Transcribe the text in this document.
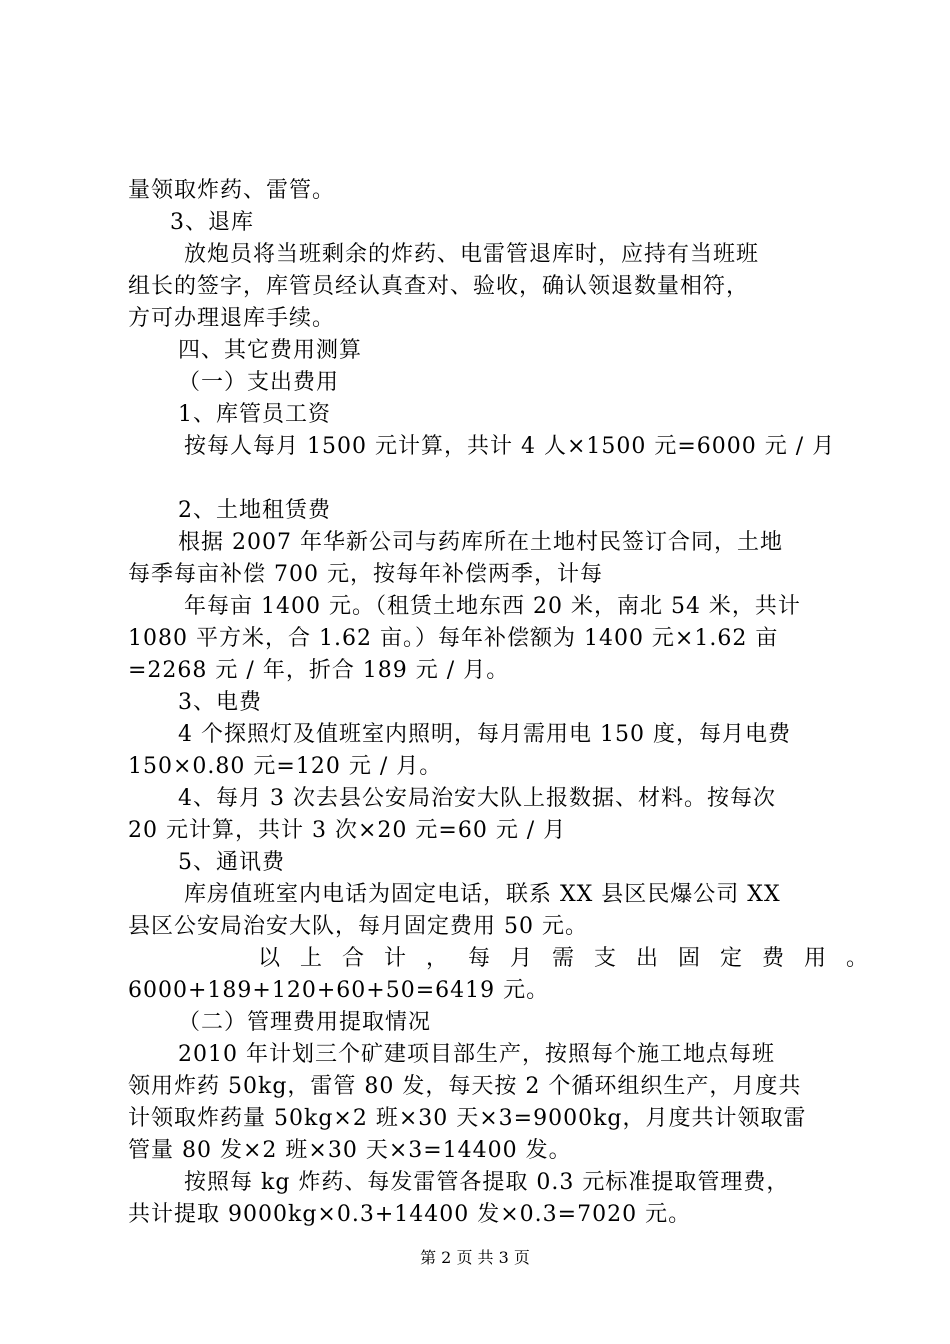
量领取炸药、雷管。
3、退库
放炮员将当班剩余的炸药、电雷管退库时，应持有当班班
组长的签字，库管员经认真查对、验收，确认领退数量相符，
方可办理退库手续。
四、其它费用测算
（一）支出费用
1、库管员工资
按每人每月 1500 元计算，共计 4 人×1500 元=6000 元 / 月
2、土地租赁费
根据 2007 年华新公司与药库所在土地村民签订合同，土地
每季每亩补偿 700 元，按每年补偿两季，计每
年每亩 1400 元。（租赁土地东西 20 米，南北 54 米，共计
1080 平方米，合 1.62 亩。）每年补偿额为 1400 元×1.62 亩
=2268 元 / 年，折合 189 元 / 月。
3、电费
4 个探照灯及值班室内照明，每月需用电 150 度，每月电费
150×0.80 元=120 元 / 月。
4、每月 3 次去县公安局治安大队上报数据、材料。按每次
20 元计算，共计 3 次×20 元=60 元 / 月
5、通讯费
库房值班室内电话为固定电话，联系 XX 县区民爆公司 XX
县区公安局治安大队，每月固定费用 50 元。
以上合计，每月需支出固定费用。
6000+189+120+60+50=6419 元。
（二）管理费用提取情况
2010 年计划三个矿建项目部生产，按照每个施工地点每班
领用炸药 50kg，雷管 80 发，每天按 2 个循环组织生产，月度共
计领取炸药量 50kg×2 班×30 天×3=9000kg，月度共计领取雷
管量 80 发×2 班×30 天×3=14400 发。
按照每 kg 炸药、每发雷管各提取 0.3 元标准提取管理费，
共计提取 9000kg×0.3+14400 发×0.3=7020 元。
第 2 页 共 3 页
